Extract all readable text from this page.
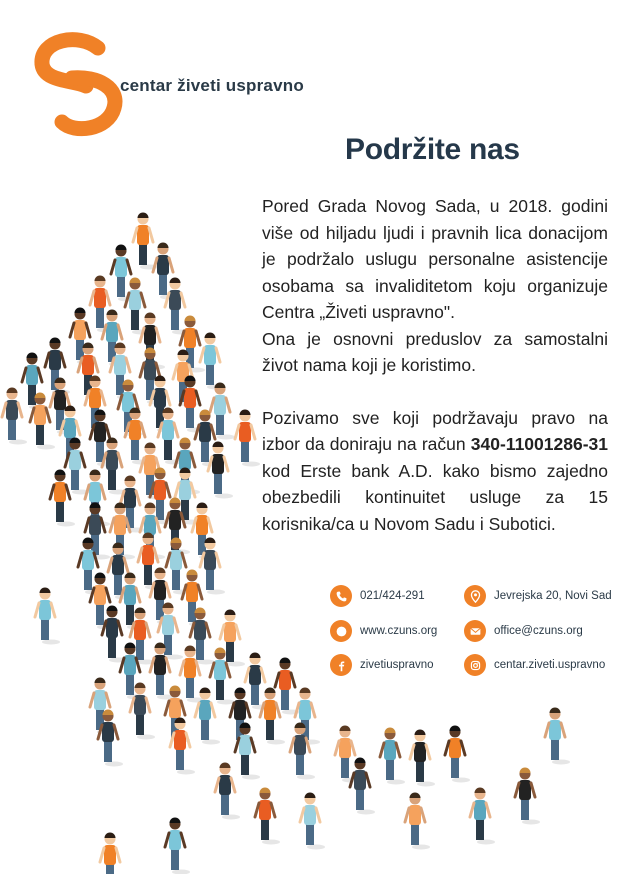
centar živeti uspravno
Podržite nas

Pored Grada Novog Sada, u 2018. godini više od hiljadu ljudi i pravnih lica donacijom je podržalo uslugu personalne asistencije osobama sa invaliditetom koju organizuje Centra „Živeti uspravno".

Ona je osnovni preduslov za samostalni život nama koji je koristimo.

Pozivamo sve koji podržavaju pravo na izbor da doniraju na račun 340-11001286-31 kod Erste bank A.D. kako bismo zajedno obezbedili kontinuitet usluge za 15 korisnika/ca u Novom Sadu i Subotici.

021/424-291	Jevrejska 20, Novi Sad
www.czuns.org	office@czuns.org
zivetiuspravno	centar.ziveti.uspravno
